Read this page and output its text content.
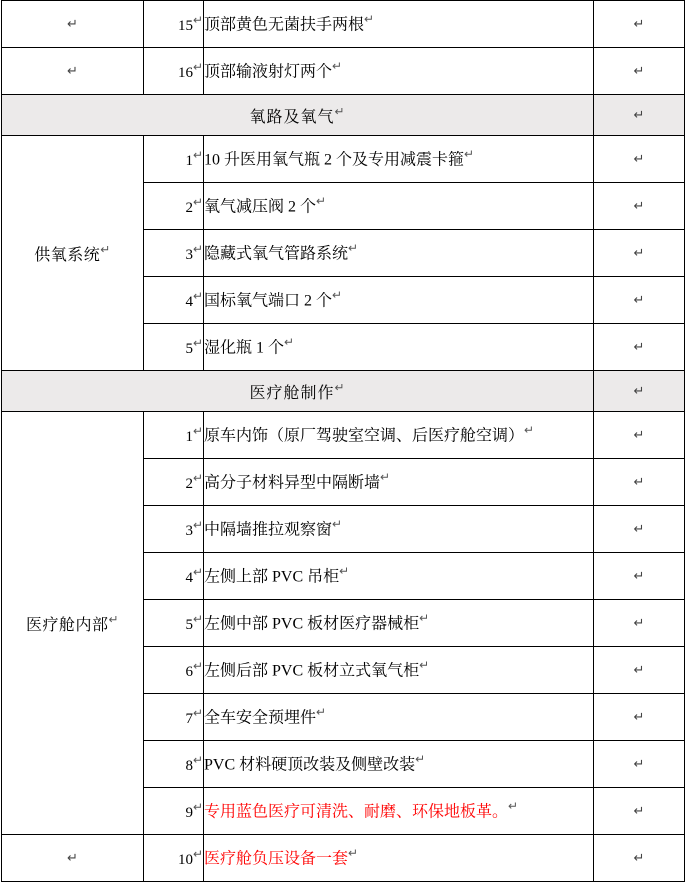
↵	15↵	顶部黄色无菌扶手两根↵	↵
↵	16↵	顶部输液射灯两个↵	↵
氧路及氧气↵			↵
供氧系统↵	1↵	10 升医用氧气瓶 2 个及专用减震卡箍↵	↵
	2↵	氧气减压阀 2 个↵	↵
	3↵	隐藏式氧气管路系统↵	↵
	4↵	国标氧气端口 2 个↵	↵
	5↵	湿化瓶 1 个↵	↵
医疗舱制作↵			↵
医疗舱内部↵	1↵	原车内饰（原厂驾驶室空调、后医疗舱空调）↵	↵
	2↵	高分子材料异型中隔断墙↵	↵
	3↵	中隔墙推拉观察窗↵	↵
	4↵	左侧上部 PVC 吊柜↵	↵
	5↵	左侧中部 PVC 板材医疗器械柜↵	↵
	6↵	左侧后部 PVC 板材立式氧气柜↵	↵
	7↵	全车安全预埋件↵	↵
	8↵	PVC 材料硬顶改装及侧壁改装↵	↵
	9↵	专用蓝色医疗可清洗、耐磨、环保地板革。↵	↵
↵	10↵	医疗舱负压设备一套↵	↵
